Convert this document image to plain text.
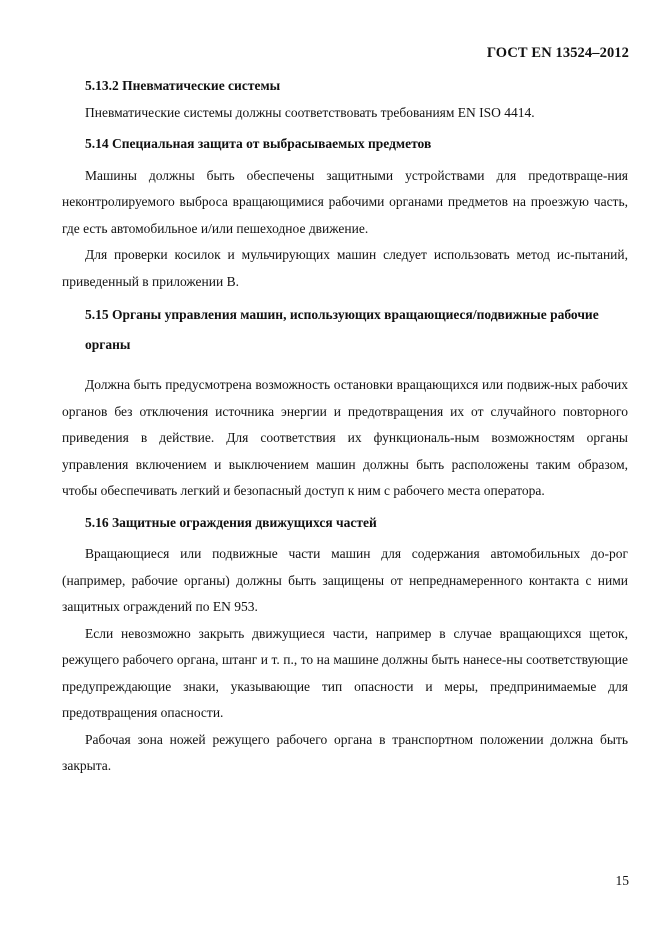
ГОСТ EN 13524–2012

5.13.2 Пневматические системы

Пневматические системы должны соответствовать требованиям EN ISO 4414.

5.14 Специальная защита от выбрасываемых предметов

Машины должны быть обеспечены защитными устройствами для предотвраще-ния неконтролируемого выброса вращающимися рабочими органами предметов на проезжую часть, где есть автомобильное и/или пешеходное движение.

Для проверки косилок и мульчирующих машин следует использовать метод ис-пытаний, приведенный в приложении В.

5.15 Органы управления машин, использующих вращающиеся/подвижные рабочие органы

Должна быть предусмотрена возможность остановки вращающихся или подвиж-ных рабочих органов без отключения источника энергии и предотвращения их от случайного повторного приведения в действие. Для соответствия их функциональ-ным возможностям органы управления включением и выключением машин должны быть расположены таким образом, чтобы обеспечивать легкий и безопасный доступ к ним с рабочего места оператора.

5.16 Защитные ограждения движущихся частей

Вращающиеся или подвижные части машин для содержания автомобильных до-рог (например, рабочие органы) должны быть защищены от непреднамеренного контакта с ними защитных ограждений по EN 953.

Если невозможно закрыть движущиеся части, например в случае вращающихся щеток, режущего рабочего органа, штанг и т. п., то на машине должны быть нанесе-ны соответствующие предупреждающие знаки, указывающие тип опасности и меры, предпринимаемые для предотвращения опасности.

Рабочая зона ножей режущего рабочего органа в транспортном положении должна быть закрыта.

15
